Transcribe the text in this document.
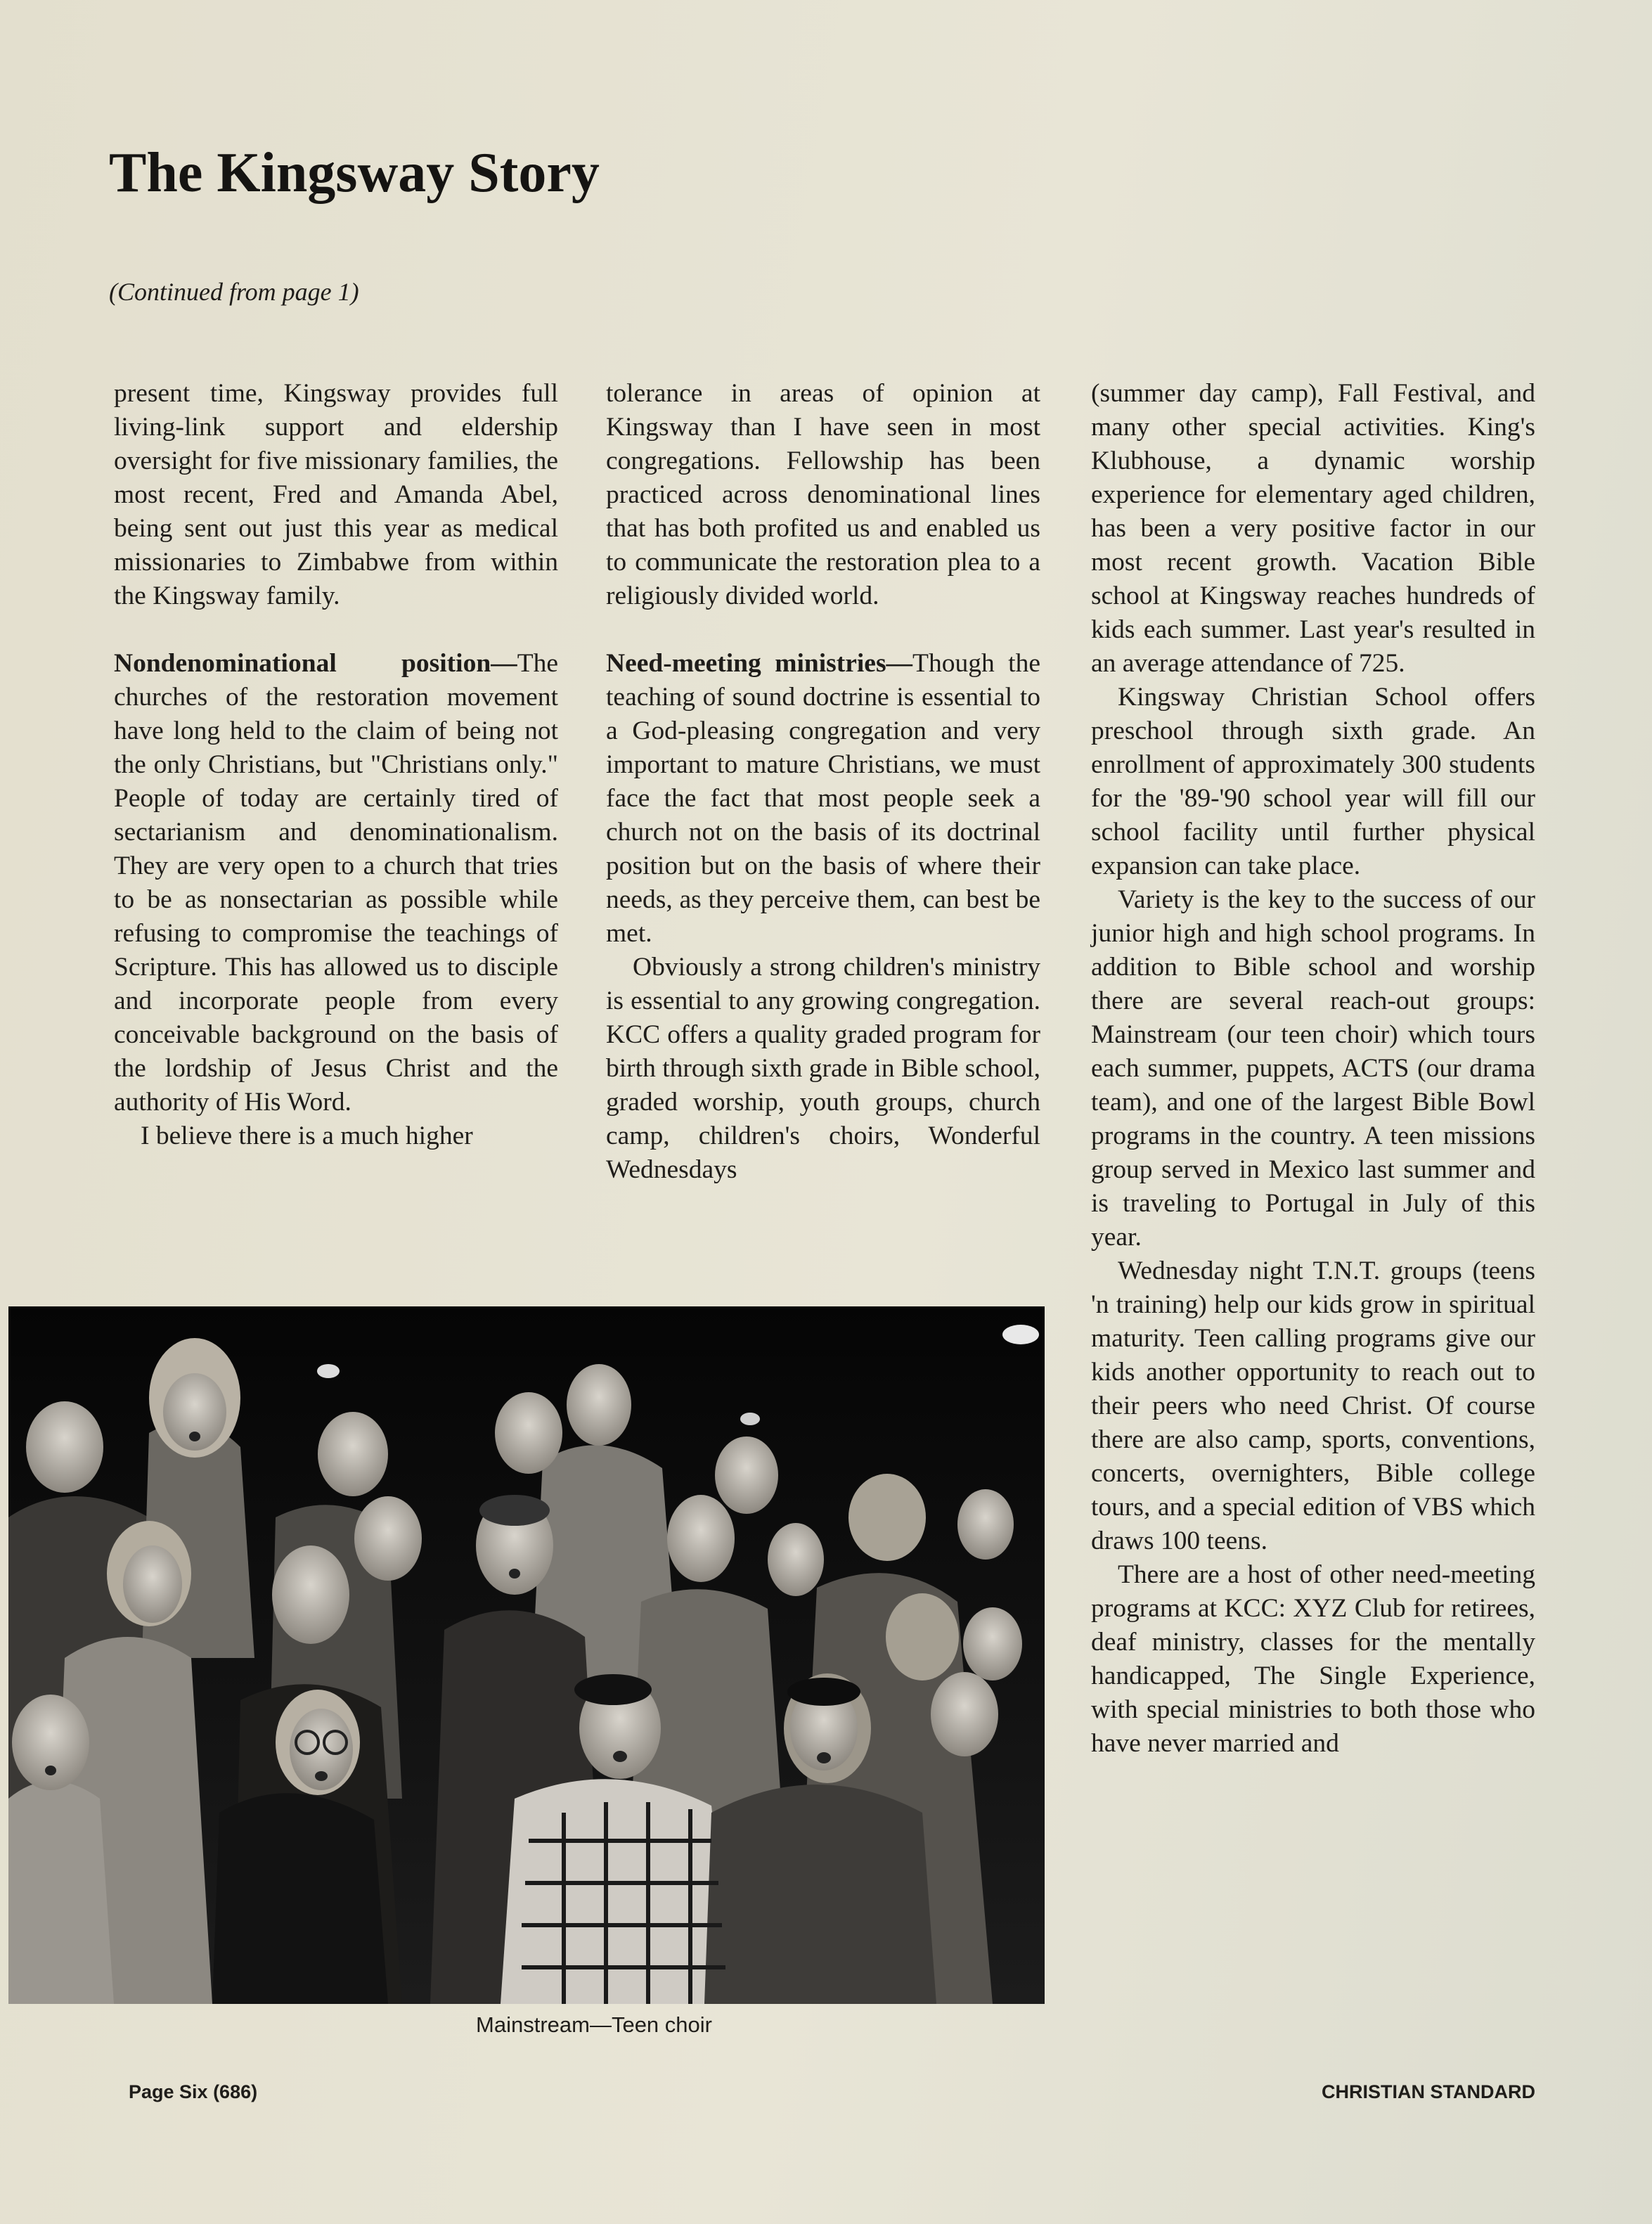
The Kingsway Story
(Continued from page 1)

present time, Kingsway provides full living-link support and eldership oversight for five missionary families, the most recent, Fred and Amanda Abel, being sent out just this year as medical missionaries to Zimbabwe from within the Kingsway family.

Nondenominational position—The churches of the restoration movement have long held to the claim of being not the only Christians, but "Christians only." People of today are certainly tired of sectarianism and denominationalism. They are very open to a church that tries to be as nonsectarian as possible while refusing to compromise the teachings of Scripture. This has allowed us to disciple and incorporate people from every conceivable background on the basis of the lordship of Jesus Christ and the authority of His Word.

I believe there is a much higher

tolerance in areas of opinion at Kingsway than I have seen in most congregations. Fellowship has been practiced across denominational lines that has both profited us and enabled us to communicate the restoration plea to a religiously divided world.

Need-meeting ministries—Though the teaching of sound doctrine is essential to a God-pleasing congregation and very important to mature Christians, we must face the fact that most people seek a church not on the basis of its doctrinal position but on the basis of where their needs, as they perceive them, can best be met.

Obviously a strong children's ministry is essential to any growing congregation. KCC offers a quality graded program for birth through sixth grade in Bible school, graded worship, youth groups, church camp, children's choirs, Wonderful Wednesdays

(summer day camp), Fall Festival, and many other special activities. King's Klubhouse, a dynamic worship experience for elementary aged children, has been a very positive factor in our most recent growth. Vacation Bible school at Kingsway reaches hundreds of kids each summer. Last year's resulted in an average attendance of 725.

Kingsway Christian School offers preschool through sixth grade. An enrollment of approximately 300 students for the '89-'90 school year will fill our school facility until further physical expansion can take place.

Variety is the key to the success of our junior high and high school programs. In addition to Bible school and worship there are several reach-out groups: Mainstream (our teen choir) which tours each summer, puppets, ACTS (our drama team), and one of the largest Bible Bowl programs in the country. A teen missions group served in Mexico last summer and is traveling to Portugal in July of this year.

Wednesday night T.N.T. groups (teens 'n training) help our kids grow in spiritual maturity. Teen calling programs give our kids another opportunity to reach out to their peers who need Christ. Of course there are also camp, sports, conventions, concerts, overnighters, Bible college tours, and a special edition of VBS which draws 100 teens.

There are a host of other need-meeting programs at KCC: XYZ Club for retirees, deaf ministry, classes for the mentally handicapped, The Single Experience, with special ministries to both those who have never married and

Mainstream—Teen choir
Page Six (686)	CHRISTIAN STANDARD
